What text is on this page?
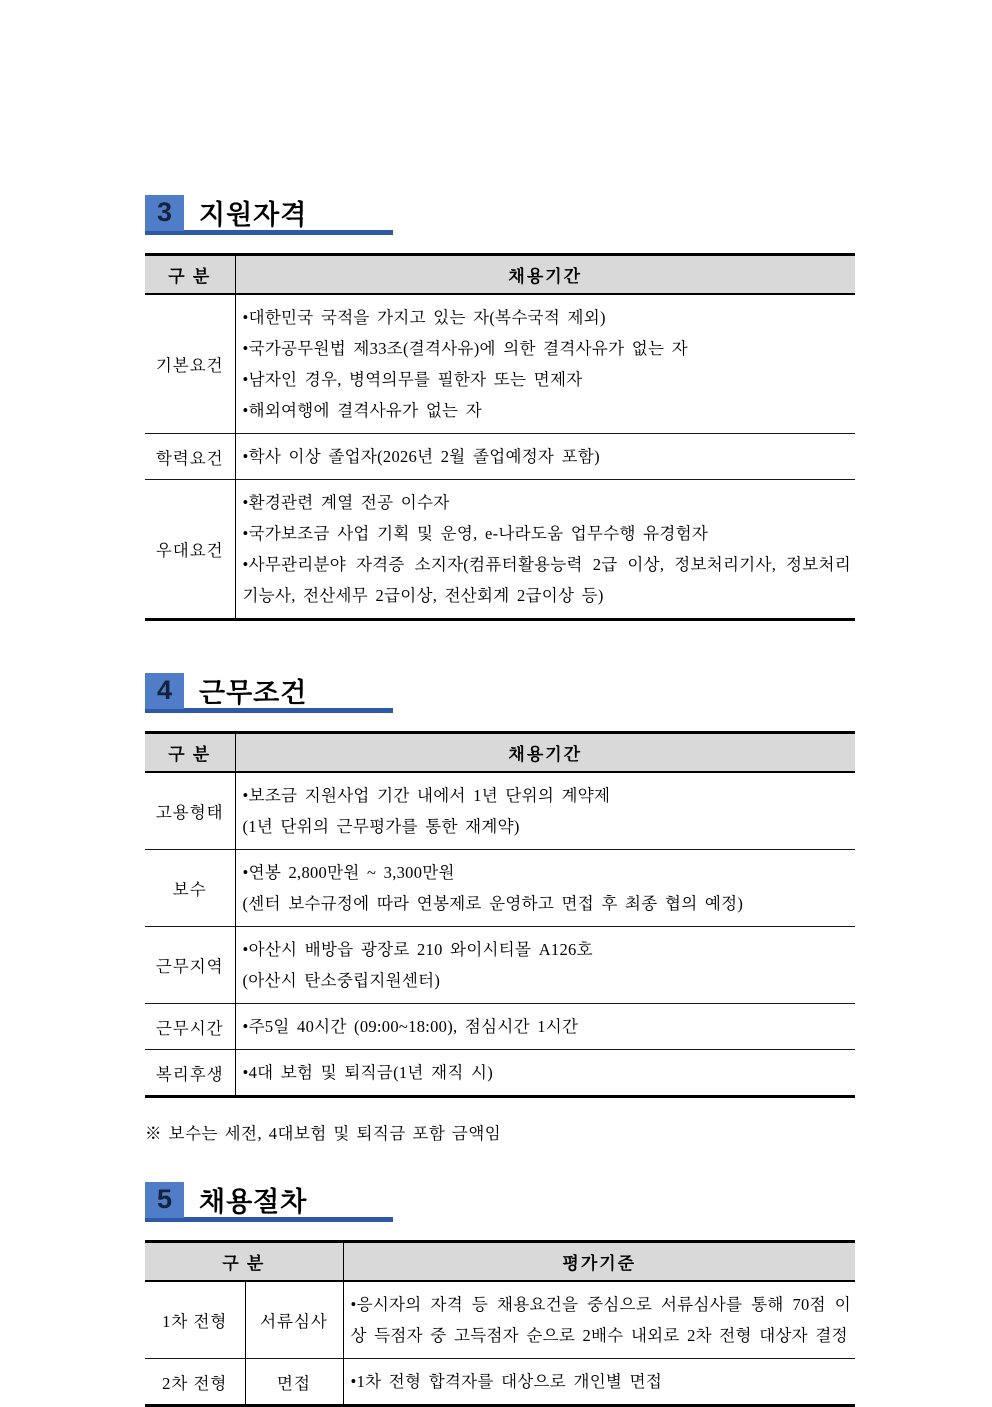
3 지원자격
구 분	채용기간
기본요건	•대한민국 국적을 가지고 있는 자(복수국적 제외)
•국가공무원법 제33조(결격사유)에 의한 결격사유가 없는 자
•남자인 경우, 병역의무를 필한자 또는 면제자
•해외여행에 결격사유가 없는 자

학력요건	•학사 이상 졸업자(2026년 2월 졸업예정자 포함)

우대요건	•환경관련 계열 전공 이수자
•국가보조금 사업 기획 및 운영, e-나라도움 업무수행 유경험자
•사무관리분야 자격증 소지자(컴퓨터활용능력 2급 이상, 정보처리기사, 정보처리기능사, 전산세무 2급이상, 전산회계 2급이상 등)
4 근무조건
구 분	채용기간
고용형태	•보조금 지원사업 기간 내에서 1년 단위의 계약제
(1년 단위의 근무평가를 통한 재계약)

보수	•연봉 2,800만원 ~ 3,300만원
(센터 보수규정에 따라 연봉제로 운영하고 면접 후 최종 협의 예정)

근무지역	•아산시 배방읍 광장로 210 와이시티몰 A126호
(아산시 탄소중립지원센터)

근무시간	•주5일 40시간 (09:00~18:00), 점심시간 1시간

복리후생	•4대 보험 및 퇴직금(1년 재직 시)
※ 보수는 세전, 4대보험 및 퇴직금 포함 금액임
5 채용절차
구 분		평가기준
1차 전형	서류심사	•응시자의 자격 등 채용요건을 중심으로 서류심사를 통해 70점 이상 득점자 중 고득점자 순으로 2배수 내외로 2차 전형 대상자 결정

2차 전형	면접	•1차 전형 합격자를 대상으로 개인별 면접
